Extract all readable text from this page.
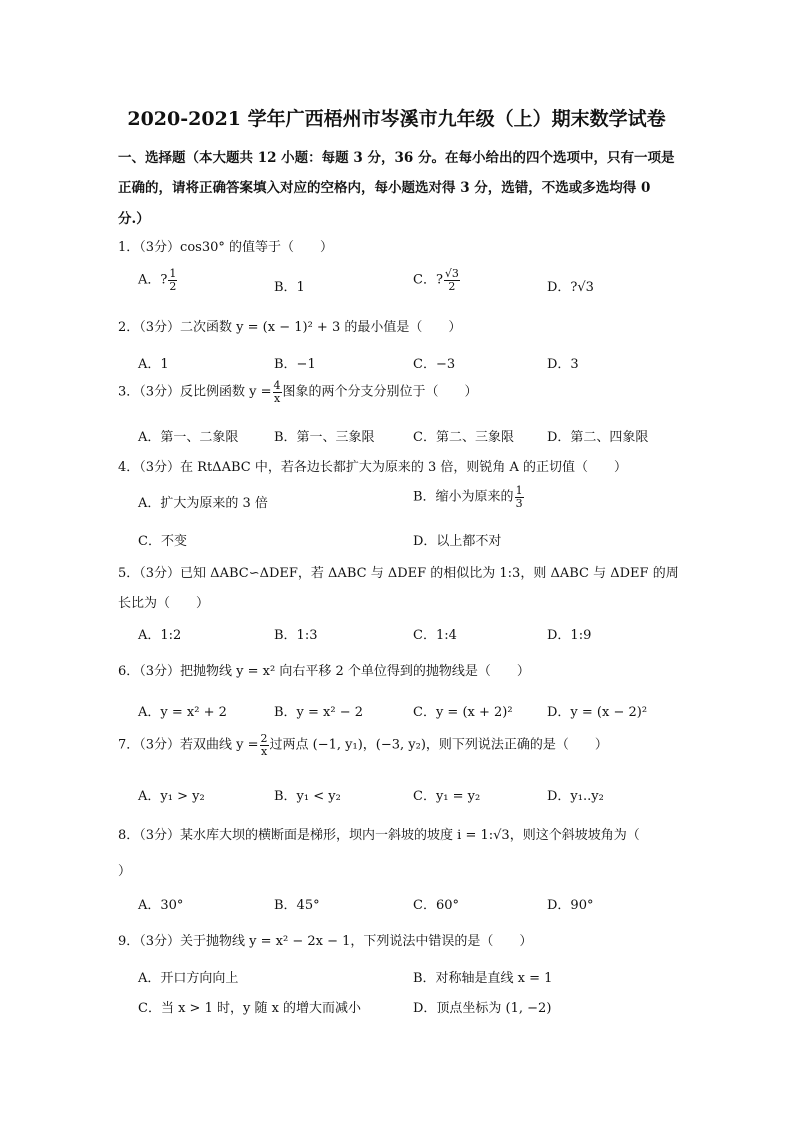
2020-2021 学年广西梧州市岑溪市九年级（上）期末数学试卷
一、选择题（本大题共 12 小题：每题 3 分，36 分。在每小给出的四个选项中，只有一项是
正确的，请将正确答案填入对应的空格内，每小题选对得 3 分，选错，不选或多选均得 0
分.）
1．（3分）cos30° 的值等于（　　）
A．? $\frac{1}{2}$	B．1	C．? $\frac{√3}{2}$	D．?√3
2．（3分）二次函数 y = (x − 1)² + 3 的最小值是（　　）
A．1	B．−1	C．−3	D．3
3．（3分）反比例函数 $y = \frac{4}{x}$ 图象的两个分支分别位于（　　）
A．第一、二象限	B．第一、三象限	C．第二、三象限	D．第二、四象限
4．（3分）在 RtΔABC 中，若各边长都扩大为原来的 3 倍，则锐角 A 的正切值（　　）
A．扩大为原来的 3 倍	B．缩小为原来的 $\frac{1}{3}$
C．不变	D．以上都不对
5．（3分）已知 ΔABC∽ΔDEF，若 ΔABC 与 ΔDEF 的相似比为 1:3，则 ΔABC 与 ΔDEF 的周
长比为（　　）
A．1:2	B．1:3	C．1:4	D．1:9
6．（3分）把抛物线 y = x² 向右平移 2 个单位得到的抛物线是（　　）
A．y = x² + 2	B．y = x² − 2	C．y = (x + 2)²	D．y = (x − 2)²
7．（3分）若双曲线 $y = \frac{2}{x}$ 过两点 (−1, y₁)，(−3, y₂)，则下列说法正确的是（　　）
A．y₁ > y₂	B．y₁ < y₂	C．y₁ = y₂	D．y₁..y₂
8．（3分）某水库大坝的横断面是梯形，坝内一斜坡的坡度 i = 1:√3，则这个斜坡坡角为（
）
A．30°	B．45°	C．60°	D．90°
9．（3分）关于抛物线 y = x² − 2x − 1，下列说法中错误的是（　　）
A．开口方向向上	B．对称轴是直线 x = 1
C．当 x > 1 时，y 随 x 的增大而减小	D．顶点坐标为 (1, −2)
